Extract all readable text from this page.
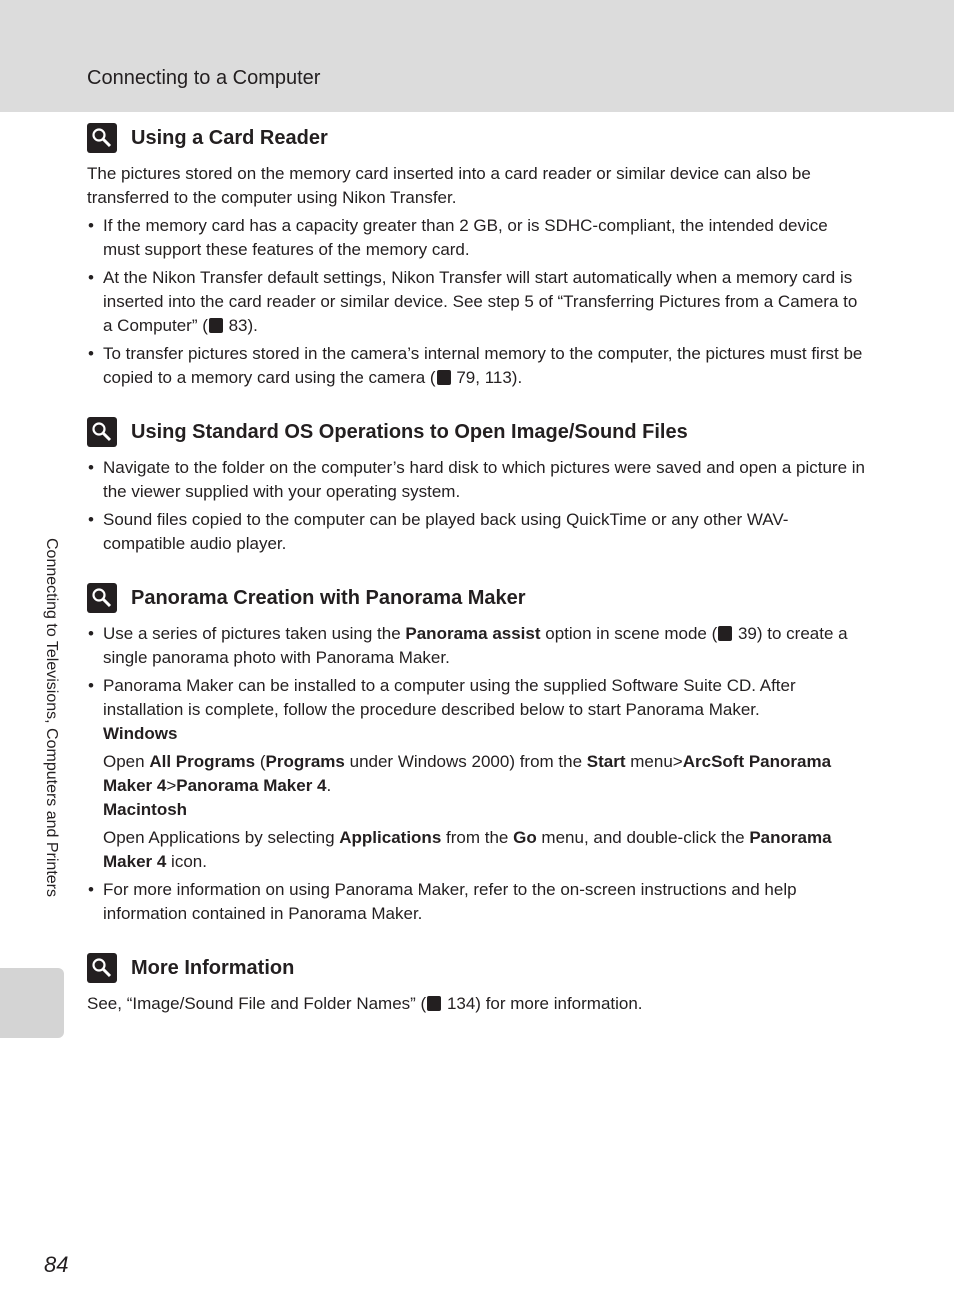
Connecting to a Computer
Connecting to Televisions, Computers and Printers
Using a Card Reader

The pictures stored on the memory card inserted into a card reader or similar device can also be transferred to the computer using Nikon Transfer.

• If the memory card has a capacity greater than 2 GB, or is SDHC-compliant, the intended device must support these features of the memory card.
• At the Nikon Transfer default settings, Nikon Transfer will start automatically when a memory card is inserted into the card reader or similar device. See step 5 of “Transferring Pictures from a Camera to a Computer” ( 83).
• To transfer pictures stored in the camera’s internal memory to the computer, the pictures must first be copied to a memory card using the camera ( 79, 113).
Using Standard OS Operations to Open Image/Sound Files
• Navigate to the folder on the computer’s hard disk to which pictures were saved and open a picture in the viewer supplied with your operating system.
• Sound files copied to the computer can be played back using QuickTime or any other WAV-compatible audio player.
Panorama Creation with Panorama Maker
• Use a series of pictures taken using the Panorama assist option in scene mode ( 39) to create a single panorama photo with Panorama Maker.
• Panorama Maker can be installed to a computer using the supplied Software Suite CD. After installation is complete, follow the procedure described below to start Panorama Maker.
Windows
Open All Programs (Programs under Windows 2000) from the Start menu>ArcSoft Panorama Maker 4>Panorama Maker 4.
Macintosh
Open Applications by selecting Applications from the Go menu, and double-click the Panorama Maker 4 icon.
• For more information on using Panorama Maker, refer to the on-screen instructions and help information contained in Panorama Maker.
More Information

See, “Image/Sound File and Folder Names” ( 134) for more information.

84
